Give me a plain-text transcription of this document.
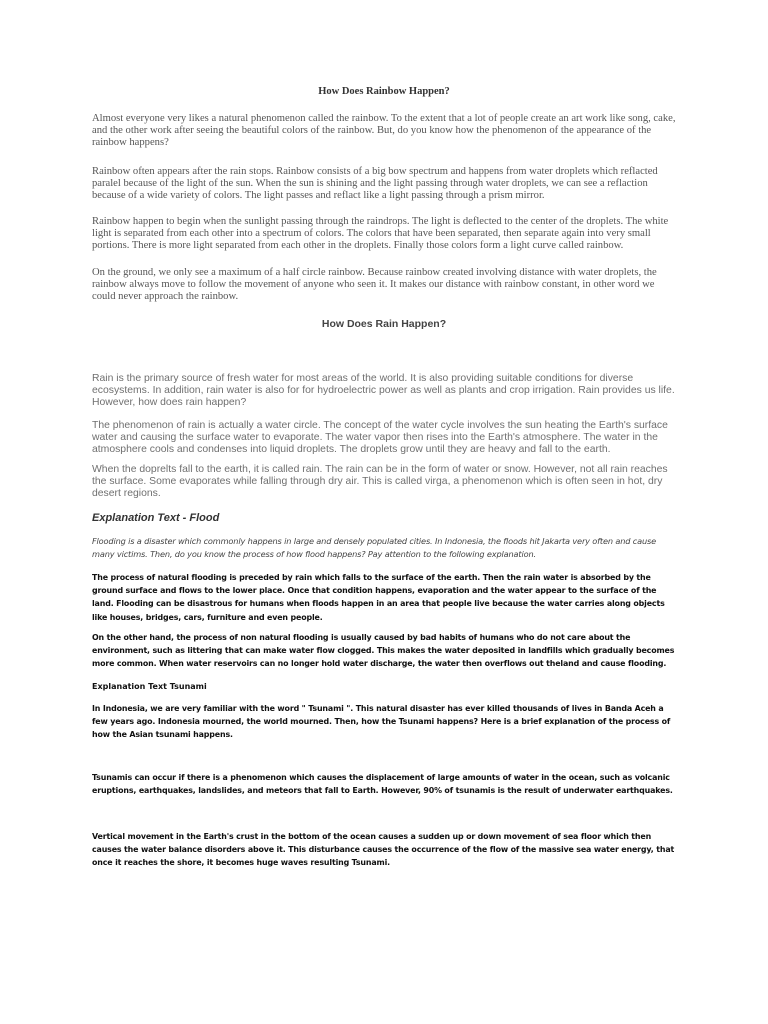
How Does Rainbow Happen?

Almost everyone very likes a natural phenomenon called the rainbow. To the extent that a lot of people create an art work like song, cake, and the other work after seeing the beautiful colors of the rainbow. But, do you know how the phenomenon of the appearance of the rainbow happens?

Rainbow often appears after the rain stops. Rainbow consists of a big bow spectrum and happens from water droplets which reflacted paralel because of the light of the sun. When the sun is shining and the light passing through water droplets, we can see a reflaction because of a wide variety of colors. The light passes and reflact like a light passing through a prism mirror.

Rainbow happen to begin when the sunlight passing through the raindrops. The light is deflected to the center of the droplets. The white light is separated from each other into a spectrum of colors. The colors that have been separated, then separate again into very small portions. There is more light separated from each other in the droplets. Finally those colors form a light curve called rainbow.

On the ground, we only see a maximum of a half circle rainbow. Because rainbow created involving distance with water droplets, the rainbow always move to follow the movement of anyone who seen it. It makes our distance with rainbow constant, in other word we could never approach the rainbow.

How Does Rain Happen?

Rain is the primary source of fresh water for most areas of the world. It is also providing suitable conditions for diverse ecosystems. In addition, rain water is also for for hydroelectric power as well as plants and crop irrigation. Rain provides us life. However, how does rain happen?

The phenomenon of rain is actually a water circle. The concept of the water cycle involves the sun heating the Earth's surface water and causing the surface water to evaporate. The water vapor then rises into the Earth's atmosphere. The water in the atmosphere cools and condenses into liquid droplets. The droplets grow until they are heavy and fall to the earth.

When the doprelts fall to the earth, it is called rain. The rain can be in the form of water or snow. However, not all rain reaches the surface. Some evaporates while falling through dry air. This is called virga, a phenomenon which is often seen in hot, dry desert regions.

Explanation Text - Flood

Flooding is a disaster which commonly happens in large and densely populated cities. In Indonesia, the floods hit Jakarta very often and cause many victims. Then, do you know the process of how flood happens? Pay attention to the following explanation.

The process of natural flooding is preceded by rain which falls to the surface of the earth. Then the rain water is absorbed by the ground surface and flows to the lower place. Once that condition happens, evaporation and the water appear to the surface of the land. Flooding can be disastrous for humans when floods happen in an area that people live because the water carries along objects like houses, bridges, cars, furniture and even people.

On the other hand, the process of non natural flooding is usually caused by bad habits of humans who do not care about the environment, such as littering that can make water flow clogged. This makes the water deposited in landfills which gradually becomes more common. When water reservoirs can no longer hold water discharge, the water then overflows out theland and cause flooding.

Explanation Text Tsunami

In Indonesia, we are very familiar with the word " Tsunami ". This natural disaster has ever killed thousands of lives in Banda Aceh a few years ago. Indonesia mourned, the world mourned. Then, how the Tsunami happens? Here is a brief explanation of the process of how the Asian tsunami happens.

Tsunamis can occur if there is a phenomenon which causes the displacement of large amounts of water in the ocean, such as volcanic eruptions, earthquakes, landslides, and meteors that fall to Earth. However, 90% of tsunamis is the result of underwater earthquakes.

Vertical movement in the Earth's crust in the bottom of the ocean causes a sudden up or down movement of sea floor which then causes the water balance disorders above it. This disturbance causes the occurrence of the flow of the massive sea water energy, that once it reaches the shore, it becomes huge waves resulting Tsunami.
